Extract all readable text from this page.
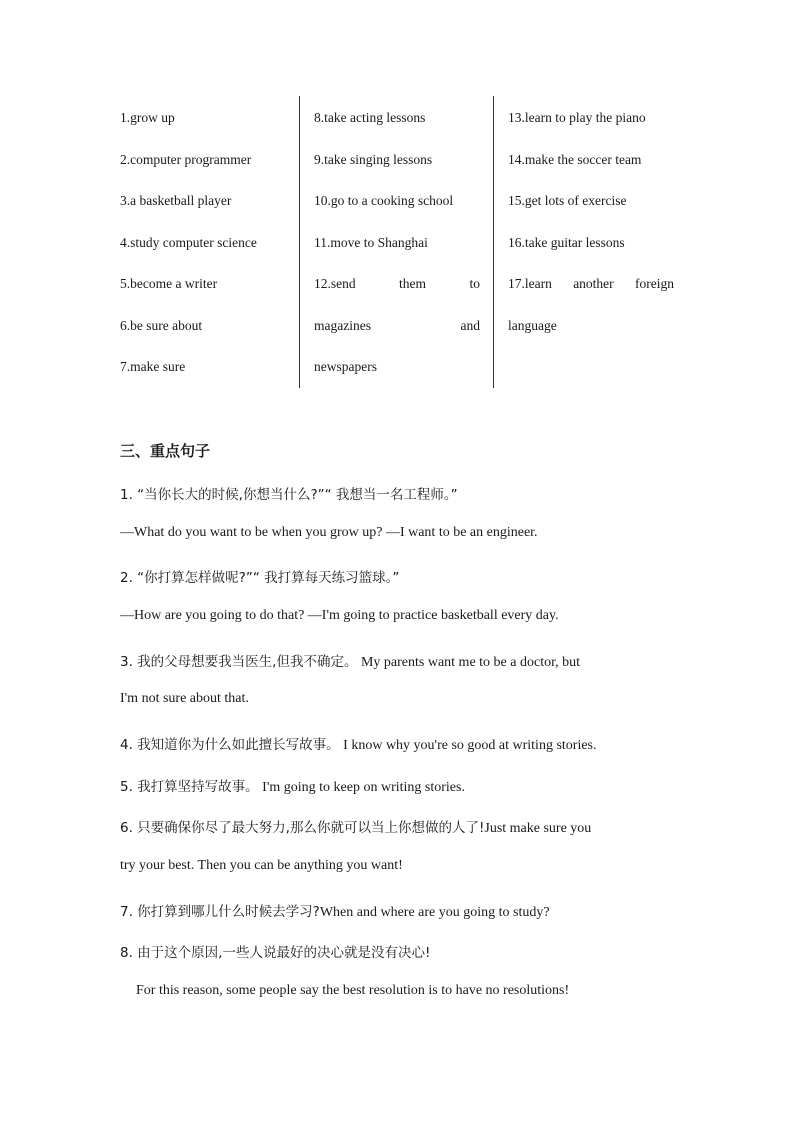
1.grow up
2.computer programmer
3.a basketball player
4.study computer science
5.become a writer
6.be sure about
7.make sure
8.take acting lessons
9.take singing lessons
10.go to a cooking school
11.move to Shanghai
12.send	them	to
magazines	and
newspapers
13.learn to play the piano
14.make the soccer team
15.get lots of exercise
16.take guitar lessons
17.learn another foreign
language
三、重点句子
1. “当你长大的时候,你想当什么?”“ 我想当一名工程师。”
—What do you want to be when you grow up? —I want to be an engineer.
2. “你打算怎样做呢?”“ 我打算每天练习篮球。”
—How are you going to do that? —I'm going to practice basketball every day.
3. 我的父母想要我当医生,但我不确定。 My parents want me to be a doctor, but
I'm not sure about that.
4. 我知道你为什么如此擅长写故事。 I know why you're so good at writing stories.
5. 我打算坚持写故事。 I'm going to keep on writing stories.
6. 只要确保你尽了最大努力,那么你就可以当上你想做的人了!Just make sure you
try your best. Then you can be anything you want!
7. 你打算到哪儿什么时候去学习?When and where are you going to study?
8. 由于这个原因,一些人说最好的决心就是没有决心!
For this reason, some people say the best resolution is to have no resolutions!
